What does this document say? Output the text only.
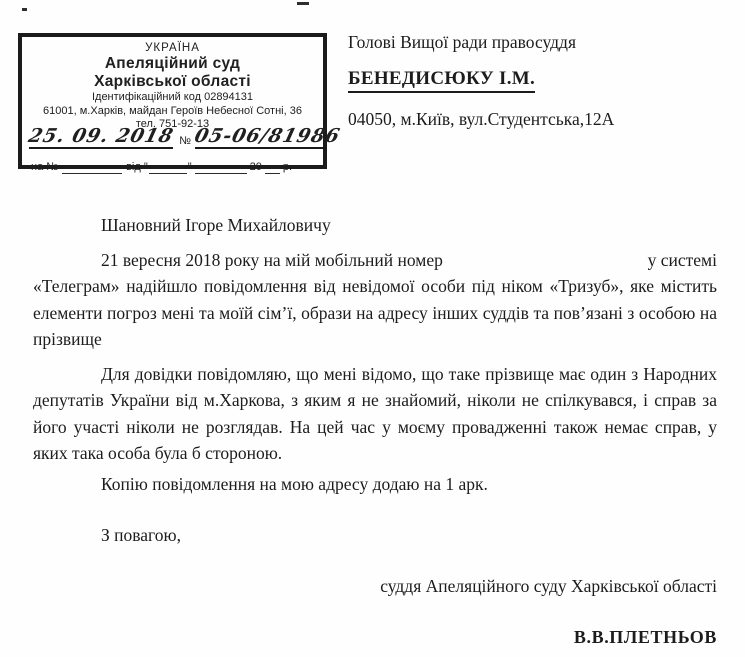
УКРАЇНА
Апеляційний суд
Харківської області
Ідентифікаційний код 02894131
61001, м.Харків, майдан Героїв Небесної Сотні, 36
тел. 751-92-13
25. 09. 2018 № 05-06/81986
на №	від "	"	20 р.
Голові Вищої ради правосуддя
БЕНЕДИСЮКУ І.М.
04050, м.Київ, вул.Студентська,12А

Шановний Ігоре Михайловичу

21 вересня 2018 року на мій мобільний номер	у системі

«Телеграм» надійшло повідомлення від невідомої особи під ніком «Тризуб», яке містить елементи погроз мені та моїй сім’ї, образи на адресу інших суддів та пов’язані з особою на прізвище

Для довідки повідомляю, що мені відомо, що таке прізвище має один з Народних депутатів України від м.Харкова, з яким я не знайомий, ніколи не спілкувався, і справ за його участі ніколи не розглядав. На цей час у моєму провадженні також немає справ, у яких така особа була б стороною.

Копію повідомлення на мою адресу додаю на 1 арк.

З повагою,

суддя Апеляційного суду Харківської області

В.В.ПЛЕТНЬОВ
